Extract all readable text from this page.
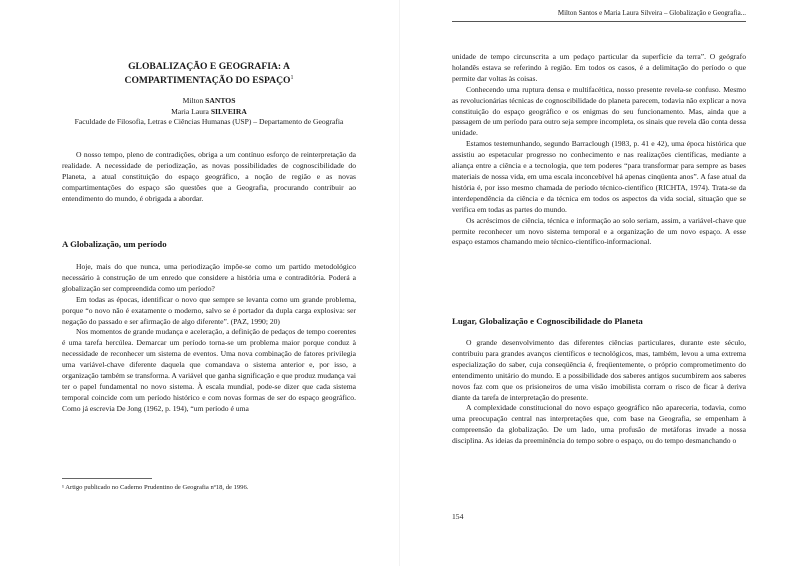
GLOBALIZAÇÃO E GEOGRAFIA: A
COMPARTIMENTAÇÃO DO ESPAÇO$^1$
Milton SANTOS
Maria Laura SILVEIRA
Faculdade de Filosofia, Letras e Ciências Humanas (USP) – Departamento de Geografia

O nosso tempo, pleno de contradições, obriga a um contínuo esforço de reinterpretação da realidade. A necessidade de periodização, as novas possibilidades de cognoscibilidade do Planeta, a atual constituição do espaço geográfico, a noção de região e as novas compartimentações do espaço são questões que a Geografia, procurando contribuir ao entendimento do mundo, é obrigada a abordar.

A Globalização, um período

Hoje, mais do que nunca, uma periodização impõe-se como um partido metodológico necessário à construção de um enredo que considere a história uma e contraditória. Poderá a globalização ser compreendida como um período?

Em todas as épocas, identificar o novo que sempre se levanta como um grande problema, porque “o novo não é exatamente o moderno, salvo se é portador da dupla carga explosiva: ser negação do passado e ser afirmação de algo diferente”. (PAZ, 1990; 20)

Nos momentos de grande mudança e aceleração, a definição de pedaços de tempo coerentes é uma tarefa hercúlea. Demarcar um período torna-se um problema maior porque conduz à necessidade de reconhecer um sistema de eventos. Uma nova combinação de fatores privilegia uma variável-chave diferente daquela que comandava o sistema anterior e, por isso, a organização também se transforma. A variável que ganha significação e que produz mudança vai ter o papel fundamental no novo sistema. À escala mundial, pode-se dizer que cada sistema temporal coincide com um período histórico e com novas formas de ser do espaço geográfico. Como já escrevia De Jong (1962, p. 194), “um período é uma

¹ Artigo publicado no Caderno Prudentino de Geografia nº18, de 1996.
Milton Santos e Maria Laura Silveira – Globalização e Geografia...

unidade de tempo circunscrita a um pedaço particular da superfície da terra”. O geógrafo holandês estava se referindo à região. Em todos os casos, é a delimitação do período o que permite dar voltas às coisas.

Conhecendo uma ruptura densa e multifacética, nosso presente revela-se confuso. Mesmo as revolucionárias técnicas de cognoscibilidade do planeta parecem, todavia não explicar a nova constituição do espaço geográfico e os enigmas do seu funcionamento. Mas, ainda que a passagem de um período para outro seja sempre incompleta, os sinais que revela dão conta dessa unidade.

Estamos testemunhando, segundo Barraclough (1983, p. 41 e 42), uma época histórica que assistiu ao espetacular progresso no conhecimento e nas realizações científicas, mediante a aliança entre a ciência e a tecnologia, que tem poderes “para transformar para sempre as bases materiais de nossa vida, em uma escala inconcebível há apenas cinqüenta anos”. A fase atual da história é, por isso mesmo chamada de período técnico-científico (RICHTA, 1974). Trata-se da interdependência da ciência e da técnica em todos os aspectos da vida social, situação que se verifica em todas as partes do mundo.

Os acréscimos de ciência, técnica e informação ao solo seriam, assim, a variável-chave que permite reconhecer um novo sistema temporal e a organização de um novo espaço. A esse espaço estamos chamando meio técnico-científico-informacional.

Lugar, Globalização e Cognoscibilidade do Planeta

O grande desenvolvimento das diferentes ciências particulares, durante este século, contribuiu para grandes avanços científicos e tecnológicos, mas, também, levou a uma extrema especialização do saber, cuja conseqüência é, freqüentemente, o próprio comprometimento do entendimento unitário do mundo. E a possibilidade dos saberes antigos sucumbirem aos saberes novos faz com que os prisioneiros de uma visão imobilista corram o risco de ficar à deriva diante da tarefa de interpretação do presente.

A complexidade constitucional do novo espaço geográfico não apareceria, todavia, como uma preocupação central nas interpretações que, com base na Geografia, se empenham à compreensão da globalização. De um lado, uma profusão de metáforas invade a nossa disciplina. As ideias da preeminência do tempo sobre o espaço, ou do tempo desmanchando o

154
